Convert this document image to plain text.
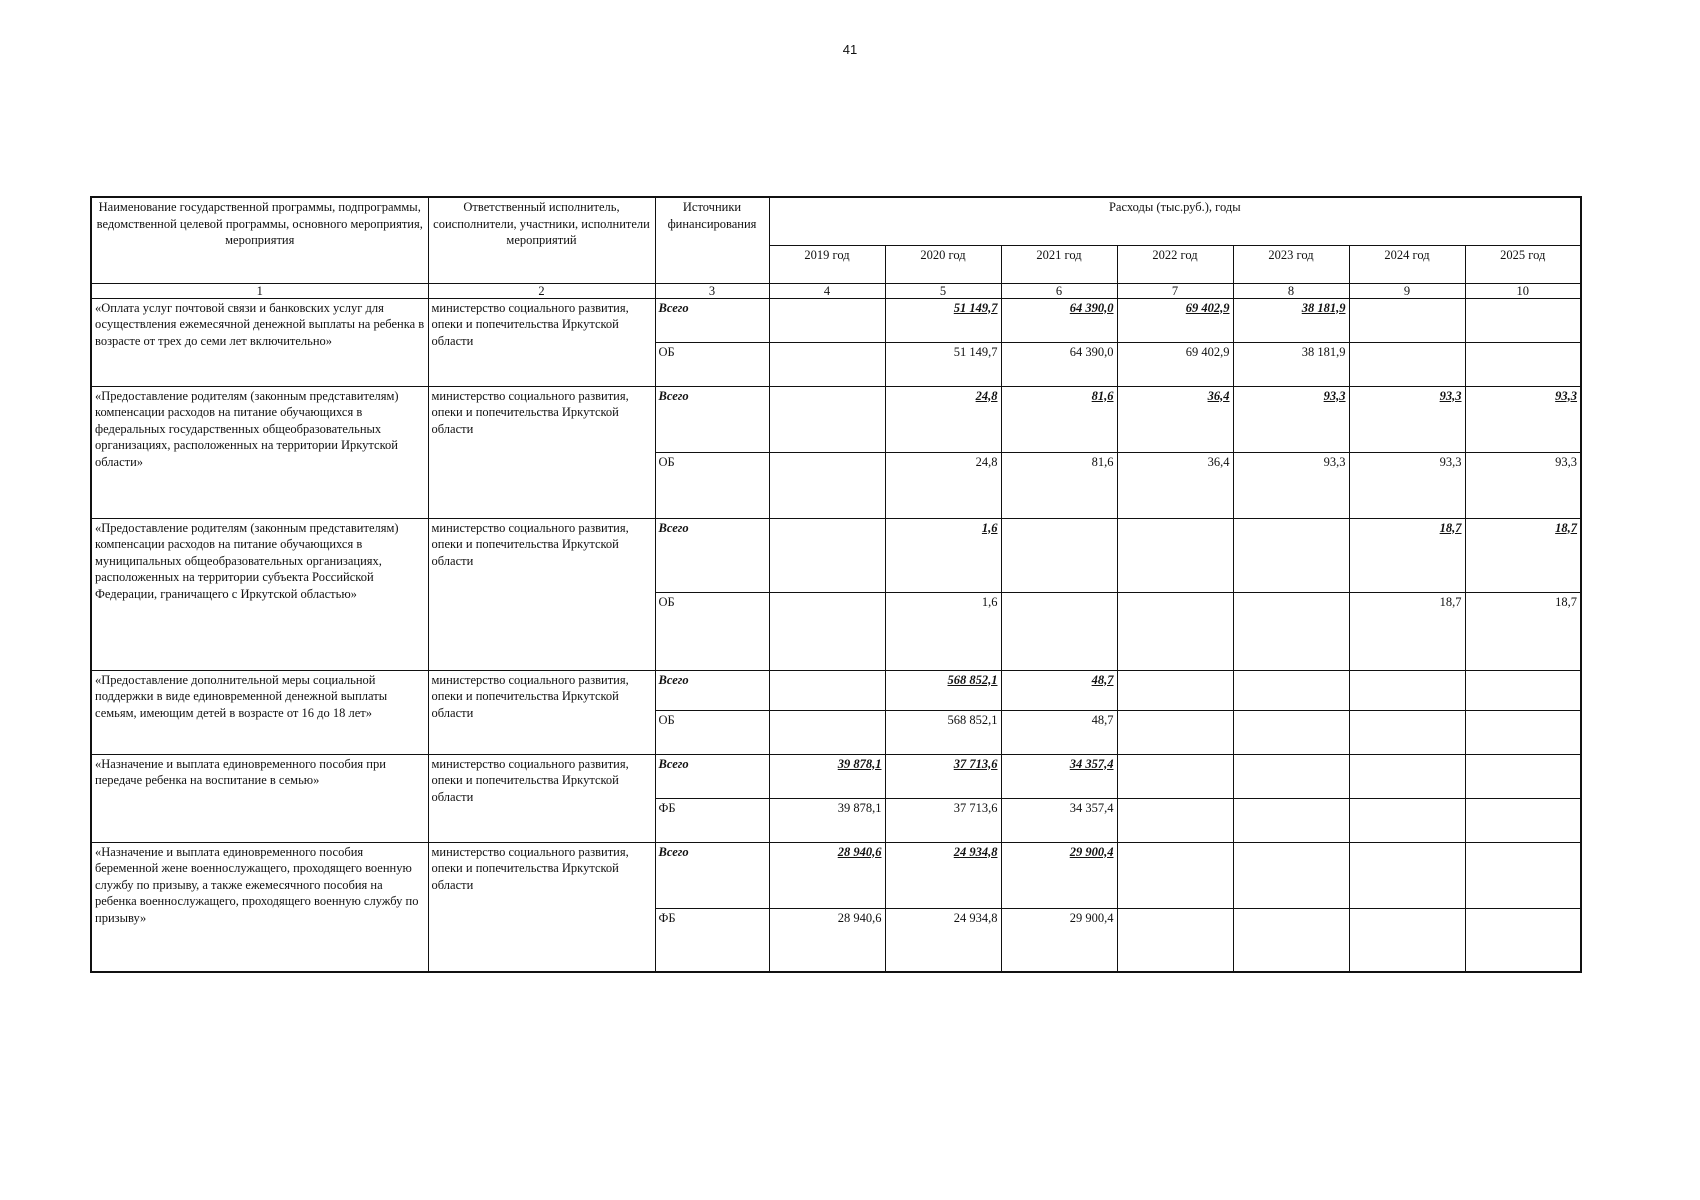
41
Наименование государственной программы, подпрограммы, ведомственной целевой программы, основного мероприятия, мероприятия	Ответственный исполнитель, соисполнители, участники, исполнители мероприятий	Источники финансирования	Расходы (тыс.руб.), годы						
			2019 год	2020 год	2021 год	2022 год	2023 год	2024 год	2025 год
1	2	3	4	5	6	7	8	9	10
«Оплата услуг почтовой связи и банковских услуг для осуществления ежемесячной денежной выплаты на ребенка в возрасте от трех до семи лет включительно»	министерство социального развития, опеки и попечительства Иркутской области	Всего		51 149,7	64 390,0	69 402,9	38 181,9		
		ОБ		51 149,7	64 390,0	69 402,9	38 181,9		
«Предоставление родителям (законным представителям) компенсации расходов на питание обучающихся в федеральных государственных общеобразовательных организациях, расположенных на территории Иркутской области»	министерство социального развития, опеки и попечительства Иркутской области	Всего		24,8	81,6	36,4	93,3	93,3	93,3
		ОБ		24,8	81,6	36,4	93,3	93,3	93,3
«Предоставление родителям (законным представителям) компенсации расходов на питание обучающихся в муниципальных общеобразовательных организациях, расположенных на территории субъекта Российской Федерации, граничащего с Иркутской областью»	министерство социального развития, опеки и попечительства Иркутской области	Всего		1,6				18,7	18,7
		ОБ		1,6				18,7	18,7
«Предоставление дополнительной меры социальной поддержки в виде единовременной денежной выплаты семьям, имеющим детей в возрасте от 16 до 18 лет»	министерство социального развития, опеки и попечительства Иркутской области	Всего		568 852,1	48,7				
		ОБ		568 852,1	48,7				
«Назначение и выплата единовременного пособия при передаче ребенка на воспитание в семью»	министерство социального развития, опеки и попечительства Иркутской области	Всего	39 878,1	37 713,6	34 357,4				
		ФБ	39 878,1	37 713,6	34 357,4				
«Назначение и выплата единовременного пособия беременной жене военнослужащего, проходящего военную службу по призыву, а также ежемесячного пособия на ребенка военнослужащего, проходящего военную службу по призыву»	министерство социального развития, опеки и попечительства Иркутской области	Всего	28 940,6	24 934,8	29 900,4				
		ФБ	28 940,6	24 934,8	29 900,4				
